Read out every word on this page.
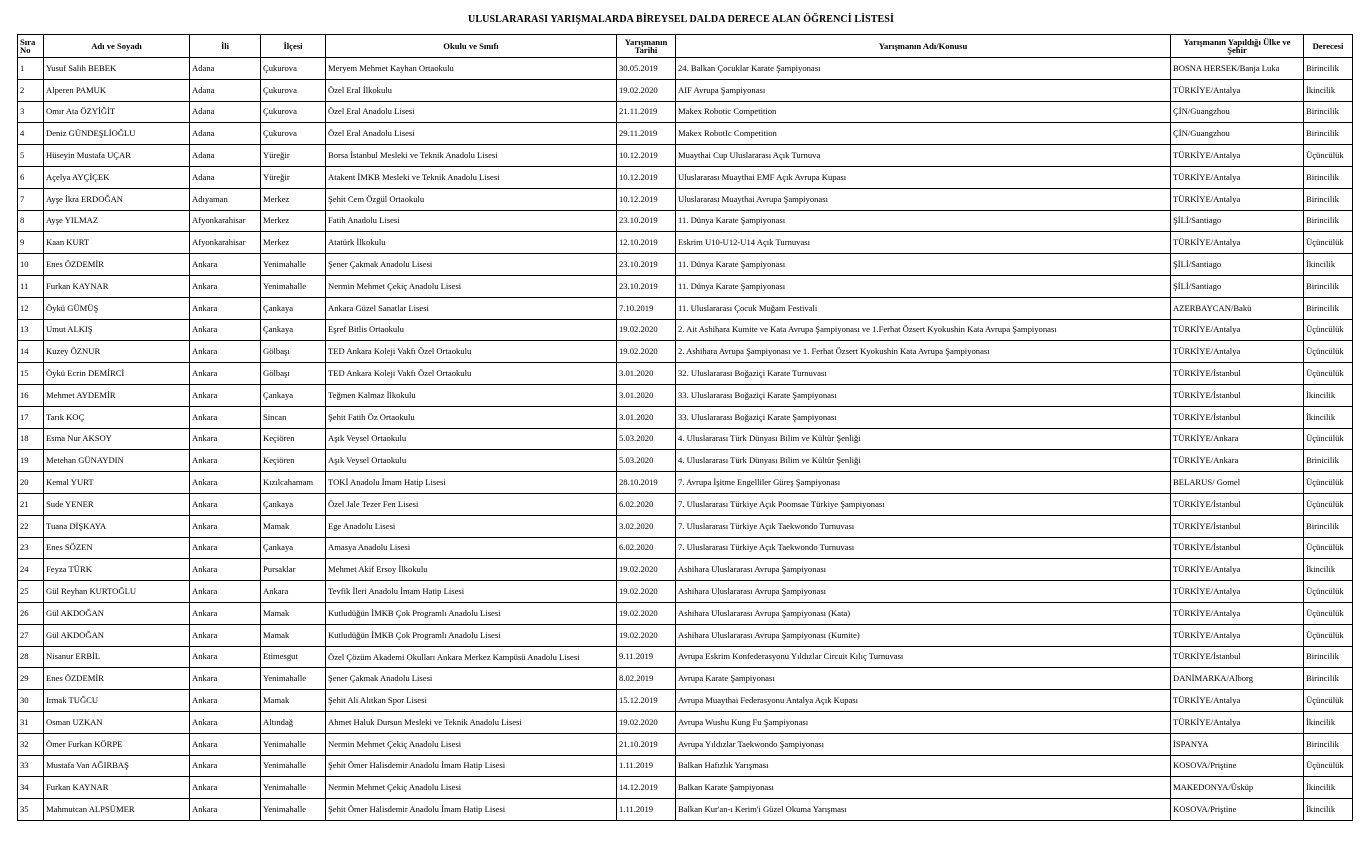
ULUSLARARASI YARIŞMALARDA BİREYSEL DALDA DERECE ALAN ÖĞRENCİ LİSTESİ
Sıra No	Adı ve Soyadı	İli	İlçesi	Okulu ve Sınıfı	Yarışmanın Tarihi	Yarışmanın Adı/Konusu	Yarışmanın Yapıldığı Ülke ve Şehir	Derecesi
1	Yusuf Salih BEBEK	Adana	Çukurova	Meryem Mehmet Kayhan Ortaokulu	30.05.2019	24. Balkan Çocuklar Karate Şampiyonası	BOSNA HERSEK/Banja Luka	Birincilik
2	Alperen PAMUK	Adana	Çukurova	Özel Eral İlkokulu	19.02.2020	AIF Avrupa Şampiyonası	TÜRKİYE/Antalya	İkincilik
3	Omır Ata ÖZYİĞİT	Adana	Çukurova	Özel Eral Anadolu Lisesi	21.11.2019	Makex Robotic Competition	ÇİN/Guangzhou	Birincilik
4	Deniz GÜNDEŞLİOĞLU	Adana	Çukurova	Özel Eral Anadolu Lisesi	29.11.2019	Makex RobotIc Competition	ÇİN/Guangzhou	Birincilik
5	Hüseyin Mustafa UÇAR	Adana	Yüreğir	Borsa İstanbul Mesleki ve Teknik Anadolu Lisesi	10.12.2019	Muaythai Cup Uluslararası Açık Turnuva	TÜRKİYE/Antalya	Üçüncülük
6	Açelya AYÇİÇEK	Adana	Yüreğir	Atakent İMKB Mesleki ve Teknik Anadolu Lisesi	10.12.2019	Uluslararası Muaythai EMF Açık Avrupa Kupası	TÜRKİYE/Antalya	Birincilik
7	Ayşe İkra ERDOĞAN	Adıyaman	Merkez	Şehit Cem Özgül Ortaokulu	10.12.2019	Uluslararası Muaythai Avrupa Şampiyonası	TÜRKİYE/Antalya	Birincilik
8	Ayşe YILMAZ	Afyonkarahisar	Merkez	Fatih Anadolu Lisesi	23.10.2019	11. Dünya Karate Şampiyonası	ŞİLİ/Santiago	Birincilik
9	Kaan KURT	Afyonkarahisar	Merkez	Atatürk İlkokulu	12.10.2019	Eskrim U10-U12-U14 Açık Turnuvası	TÜRKİYE/Antalya	Üçüncülük
10	Enes ÖZDEMİR	Ankara	Yenimahalle	Şener Çakmak Anadolu Lisesi	23.10.2019	11. Dünya Karate Şampiyonası	ŞİLİ/Santiago	İkincilik
11	Furkan KAYNAR	Ankara	Yenimahalle	Nermin Mehmet Çekiç Anadolu Lisesi	23.10.2019	11. Dünya Karate Şampiyonası	ŞİLİ/Santiago	Birincilik
12	Öykü GÜMÜŞ	Ankara	Çankaya	Ankara Güzel Sanatlar Lisesi	7.10.2019	11. Uluslararası Çocuk Muğam Festivali	AZERBAYCAN/Bakü	Birincilik
13	Umut ALKIŞ	Ankara	Çankaya	Eşref Bitlis Ortaokulu	19.02.2020	2. Ait Ashihara Kumite ve Kata Avrupa Şampiyonası ve 1.Ferhat Özsert Kyokushin Kata Avrupa Şampiyonası	TÜRKİYE/Antalya	Üçüncülük
14	Kuzey ÖZNUR	Ankara	Gölbaşı	TED Ankara Koleji Vakfı Özel Ortaokulu	19.02.2020	2. Ashihara Avrupa Şampiyonası ve 1. Ferhat Özsert Kyokushin Kata Avrupa Şampiyonası	TÜRKİYE/Antalya	Üçüncülük
15	Öykü Ecrin DEMİRCİ	Ankara	Gölbaşı	TED Ankara Koleji Vakfı Özel Ortaokulu	3.01.2020	32. Uluslararası Boğaziçi Karate Turnuvası	TÜRKİYE/İstanbul	Üçüncülük
16	Mehmet AYDEMİR	Ankara	Çankaya	Teğmen Kalmaz İlkokulu	3.01.2020	33. Uluslararası Boğaziçi Karate Şampiyonası	TÜRKİYE/İstanbul	İkincilik
17	Tarık KOÇ	Ankara	Sincan	Şehit Fatih Öz Ortaokulu	3.01.2020	33. Uluslararası Boğaziçi Karate Şampiyonası	TÜRKİYE/İstanbul	İkincilik
18	Esma Nur AKSOY	Ankara	Keçiören	Aşık Veysel Ortaokulu	5.03.2020	4. Uluslararası Türk Dünyası Bilim ve Kültür Şenliği	TÜRKİYE/Ankara	Üçüncülük
19	Metehan GÜNAYDIN	Ankara	Keçiören	Aşık Veysel Ortaokulu	5.03.2020	4. Uluslararası Türk Dünyası Bilim ve Kültür Şenliği	TÜRKİYE/Ankara	Brinicilik
20	Kemal YURT	Ankara	Kızılcahamam	TOKİ Anadolu İmam Hatip Lisesi	28.10.2019	7. Avrupa İşitme Engelliler Güreş Şampiyonası	BELARUS/ Gomel	Üçüncülük
21	Sude YENER	Ankara	Çankaya	Özel Jale Tezer Fen Lisesi	6.02.2020	7. Uluslararası Türkiye Açık Poomsae Türkiye Şampiyonası	TÜRKİYE/İstanbul	Üçüncülük
22	Tuana DİŞKAYA	Ankara	Mamak	Ege Anadolu Lisesi	3.02.2020	7. Uluslararası Türkiye Açık Taekwondo Turnuvası	TÜRKİYE/İstanbul	Birincilik
23	Enes SÖZEN	Ankara	Çankaya	Amasya Anadolu Lisesi	6.02.2020	7. Uluslararası Türkiye Açık Taekwondo Turnuvası	TÜRKİYE/İstanbul	Üçüncülük
24	Feyza TÜRK	Ankara	Pursaklar	Mehmet Akif Ersoy İlkokulu	19.02.2020	Ashihara Uluslararası Avrupa Şampiyonası	TÜRKİYE/Antalya	İkincilik
25	Gül Reyhan KURTOĞLU	Ankara	Ankara	Tevfik İleri Anadolu İmam Hatip Lisesi	19.02.2020	Ashihara Uluslararası Avrupa Şampiyonası	TÜRKİYE/Antalya	Üçüncülük
26	Gül AKDOĞAN	Ankara	Mamak	Kutludüğün İMKB Çok Programlı Anadolu Lisesi	19.02.2020	Ashihara Uluslararası Avrupa Şampiyonası (Kata)	TÜRKİYE/Antalya	Üçüncülük
27	Gül AKDOĞAN	Ankara	Mamak	Kutludüğün İMKB Çok Programlı Anadolu Lisesi	19.02.2020	Ashihara Uluslararası Avrupa Şampiyonası (Kumite)	TÜRKİYE/Antalya	Üçüncülük
28	Nisanur ERBİL	Ankara	Etimesgut	Özel Çözüm Akademi Okulları Ankara Merkez Kampüsü Anadolu Lisesi	9.11.2019	Avrupa Eskrim Konfederasyonu Yıldızlar Circuit Kılıç Turnuvası	TÜRKİYE/İstanbul	Birincilik
29	Enes ÖZDEMİR	Ankara	Yenimahalle	Şener Çakmak Anadolu Lisesi	8.02.2019	Avrupa Karate Şampiyonası	DANİMARKA/Alborg	Birincilik
30	Irmak TUĞCU	Ankara	Mamak	Şehit Ali Alıtkan Spor Lisesi	15.12.2019	Avrupa Muaythai Federasyonu Antalya Açık Kupası	TÜRKİYE/Antalya	Üçüncülük
31	Osman UZKAN	Ankara	Altındağ	Ahmet Haluk Dursun Mesleki ve Teknik Anadolu Lisesi	19.02.2020	Avrupa Wushu Kung Fu Şampiyonası	TÜRKİYE/Antalya	İkincilik
32	Ömer Furkan KÖRPE	Ankara	Yenimahalle	Nermin Mehmet Çekiç Anadolu Lisesi	21.10.2019	Avrupa Yıldızlar Taekwondo Şampiyonası	İSPANYA	Birincilik
33	Mustafa Van AĞIRBAŞ	Ankara	Yenimahalle	Şehit Ömer Halisdemir Anadolu İmam Hatip Lisesi	1.11.2019	Balkan Hafızlık Yarışması	KOSOVA/Priştine	Üçüncülük
34	Furkan KAYNAR	Ankara	Yenimahalle	Nermin Mehmet Çekiç Anadolu Lisesi	14.12.2019	Balkan Karate Şampiyonası	MAKEDONYA/Üsküp	İkincilik
35	Mahmutcan ALPSÜMER	Ankara	Yenimahalle	Şehit Ömer Halisdemir Anadolu İmam Hatip Lisesi	1.11.2019	Balkan Kur'an-ı Kerim'i Güzel Okuma Yarışması	KOSOVA/Priştine	İkincilik
